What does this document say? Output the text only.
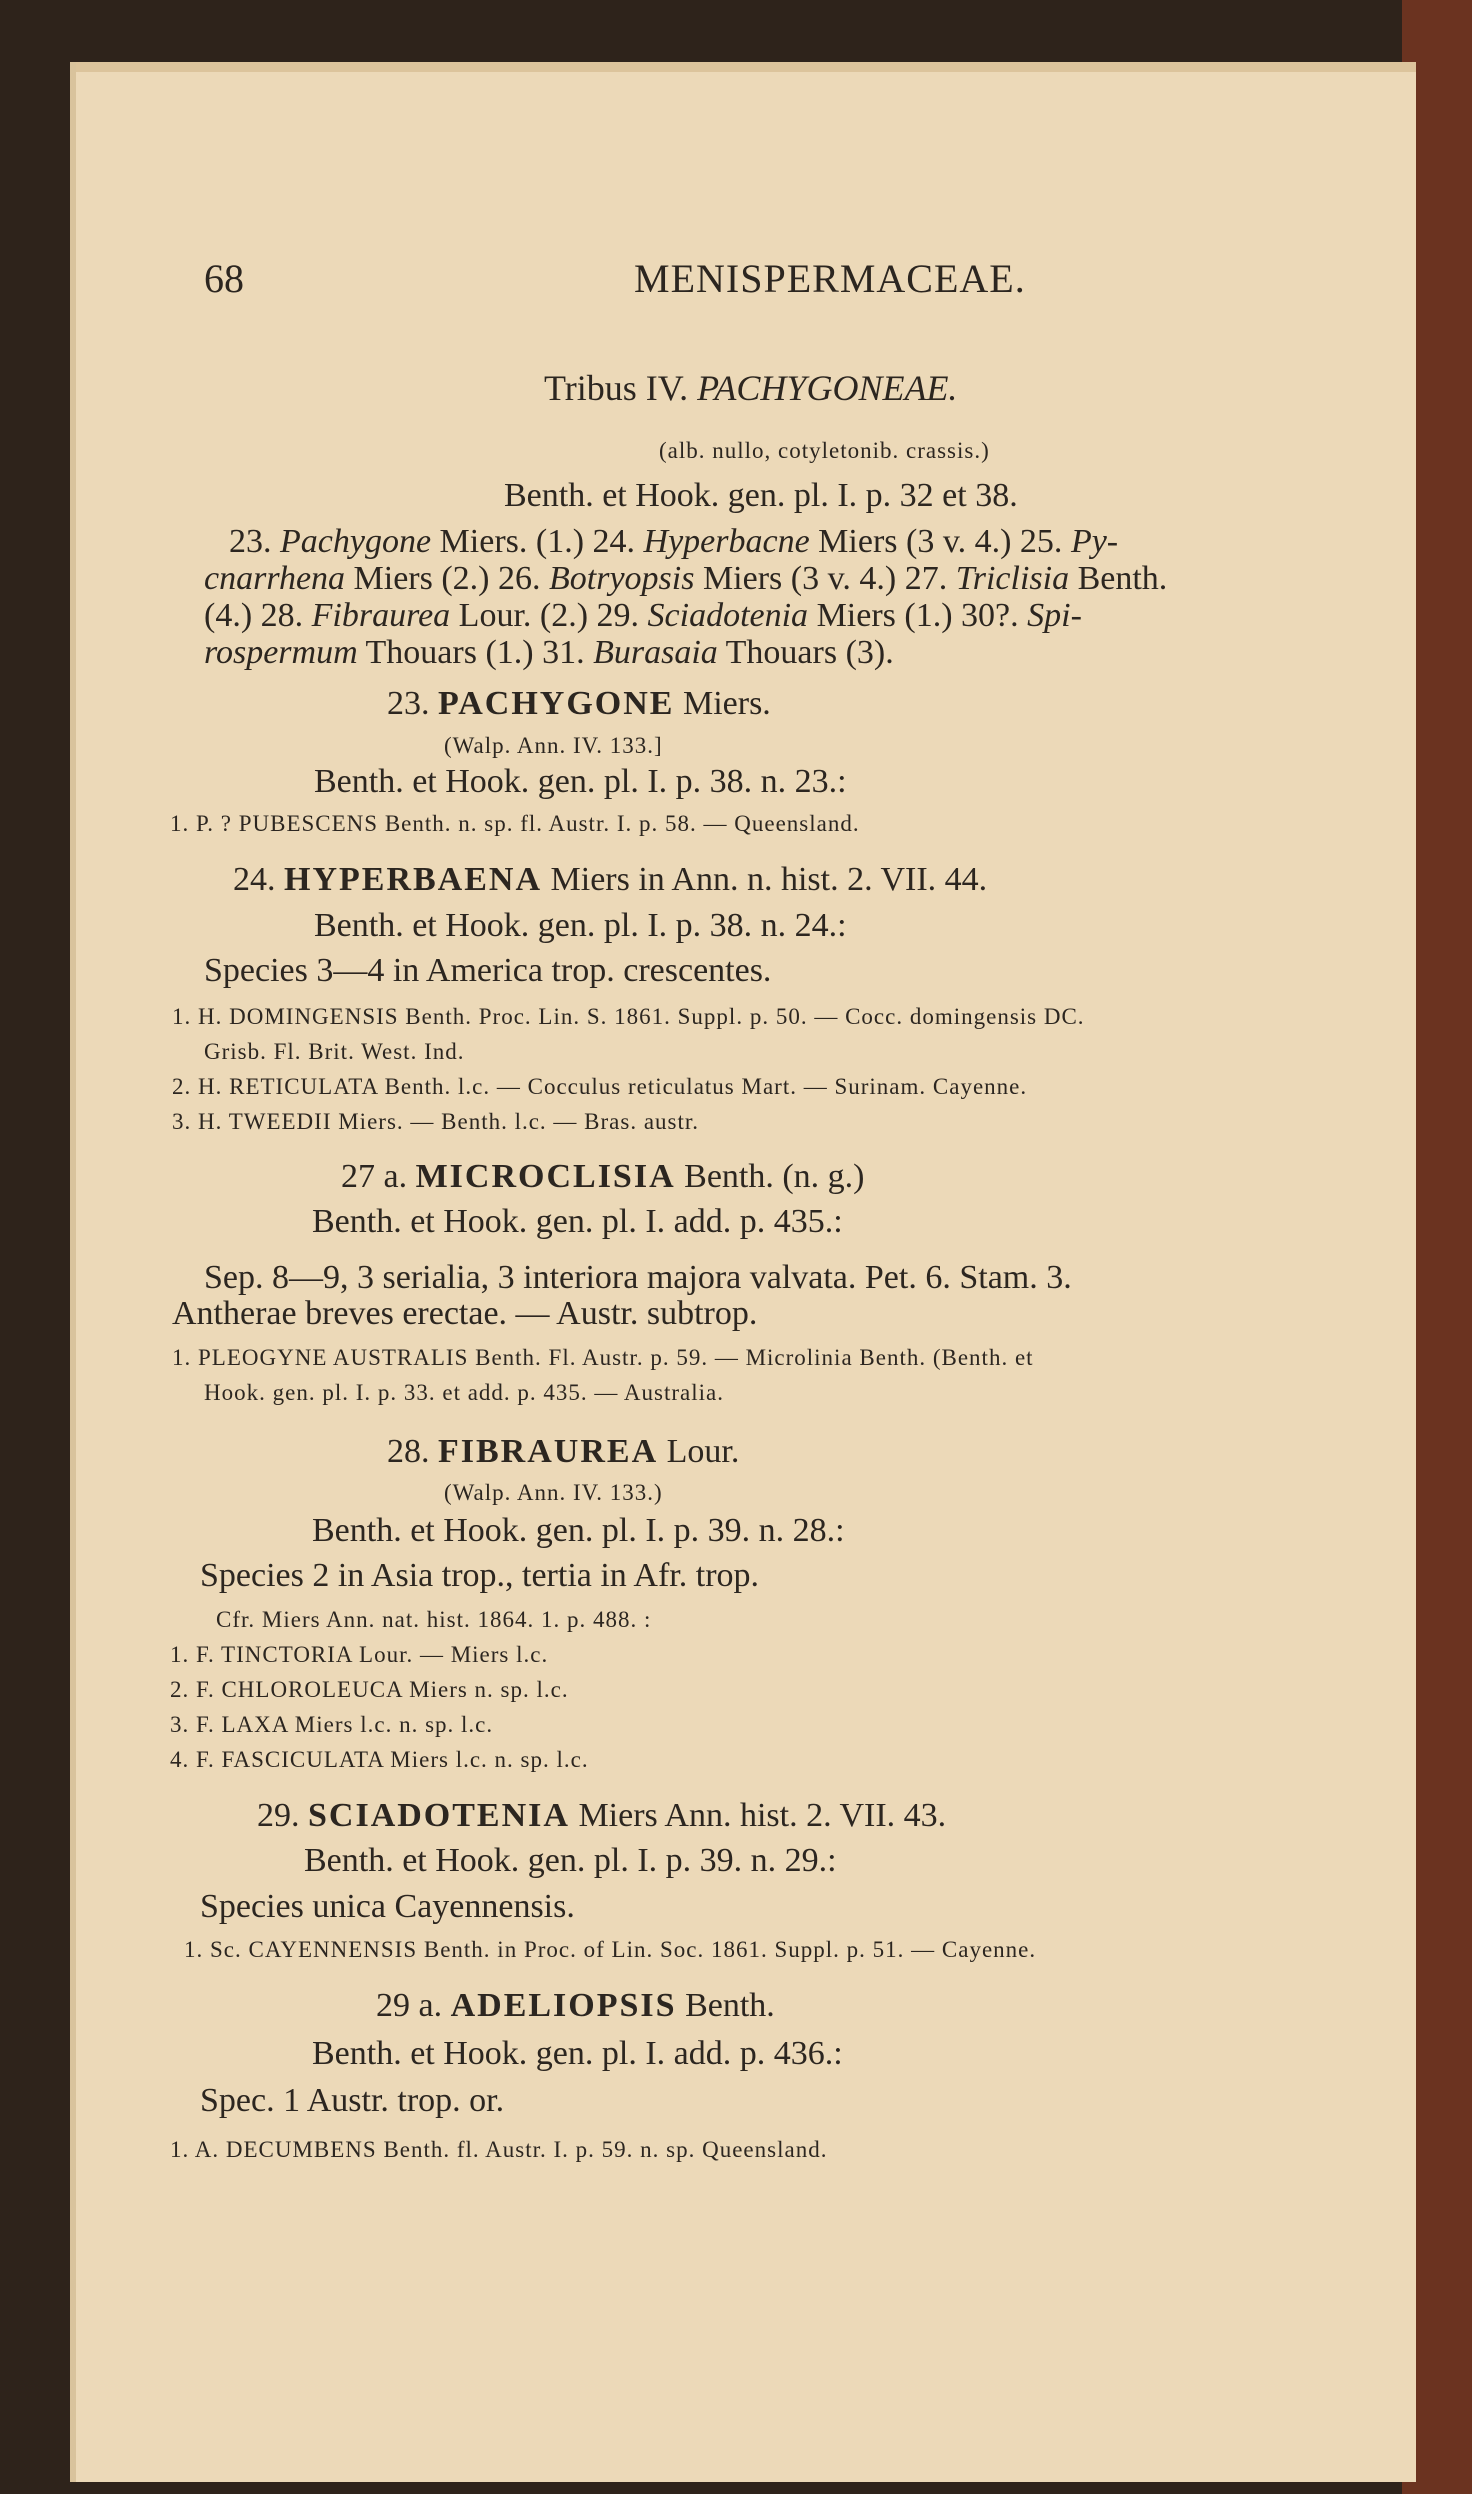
68	MENISPERMACEAE.
Tribus IV. PACHYGONEAE.
(alb. nullo, cotyletonib. crassis.)
Benth. et Hook. gen. pl. I. p. 32 et 38.
23. Pachygone Miers. (1.) 24. Hyperbacne Miers (3 v. 4.) 25. Py-
cnarrhena Miers (2.) 26. Botryopsis Miers (3 v. 4.) 27. Triclisia Benth.
(4.) 28. Fibraurea Lour. (2.) 29. Sciadotenia Miers (1.) 30?. Spi-
rospermum Thouars (1.) 31. Burasaia Thouars (3).
23. PACHYGONE Miers.
(Walp. Ann. IV. 133.]
Benth. et Hook. gen. pl. I. p. 38. n. 23.:
1. P. ? PUBESCENS Benth. n. sp. fl. Austr. I. p. 58. — Queensland.
24. HYPERBAENA Miers in Ann. n. hist. 2. VII. 44.
Benth. et Hook. gen. pl. I. p. 38. n. 24.:
Species 3—4 in America trop. crescentes.
1. H. DOMINGENSIS Benth. Proc. Lin. S. 1861. Suppl. p. 50. — Cocc. domingensis DC.
Grisb. Fl. Brit. West. Ind.
2. H. RETICULATA Benth. l.c. — Cocculus reticulatus Mart. — Surinam. Cayenne.
3. H. TWEEDII Miers. — Benth. l.c. — Bras. austr.
27 a. MICROCLISIA Benth. (n. g.)
Benth. et Hook. gen. pl. I. add. p. 435.:
Sep. 8—9, 3 serialia, 3 interiora majora valvata. Pet. 6. Stam. 3.
Antherae breves erectae. — Austr. subtrop.
1. PLEOGYNE AUSTRALIS Benth. Fl. Austr. p. 59. — Microlinia Benth. (Benth. et
Hook. gen. pl. I. p. 33. et add. p. 435. — Australia.
28. FIBRAUREA Lour.
(Walp. Ann. IV. 133.)
Benth. et Hook. gen. pl. I. p. 39. n. 28.:
Species 2 in Asia trop., tertia in Afr. trop.
Cfr. Miers Ann. nat. hist. 1864. 1. p. 488. :
1. F. TINCTORIA Lour. — Miers l.c.
2. F. CHLOROLEUCA Miers n. sp. l.c.
3. F. LAXA Miers l.c. n. sp. l.c.
4. F. FASCICULATA Miers l.c. n. sp. l.c.
29. SCIADOTENIA Miers Ann. hist. 2. VII. 43.
Benth. et Hook. gen. pl. I. p. 39. n. 29.:
Species unica Cayennensis.
1. Sc. CAYENNENSIS Benth. in Proc. of Lin. Soc. 1861. Suppl. p. 51. — Cayenne.
29 a. ADELIOPSIS Benth.
Benth. et Hook. gen. pl. I. add. p. 436.:
Spec. 1 Austr. trop. or.
1. A. DECUMBENS Benth. fl. Austr. I. p. 59. n. sp. Queensland.
